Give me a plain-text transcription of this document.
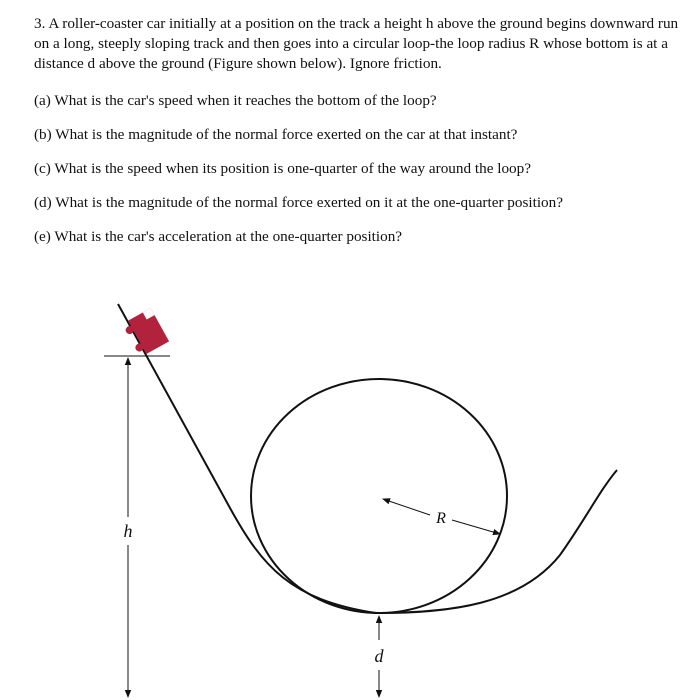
3. A roller-coaster car initially at a position on the track a height h above the ground begins downward run on a long, steeply sloping track and then goes into a circular loop-the loop radius R whose bottom is at a distance d above the ground (Figure shown below). Ignore friction.

(a) What is the car's speed when it reaches the bottom of the loop?

(b) What is the magnitude of the normal force exerted on the car at that instant?

(c) What is the speed when its position is one-quarter of the way around the loop?

(d) What is the magnitude of the normal force exerted on it at the one-quarter position?

(e) What is the car's acceleration at the one-quarter position?

h
R
d
